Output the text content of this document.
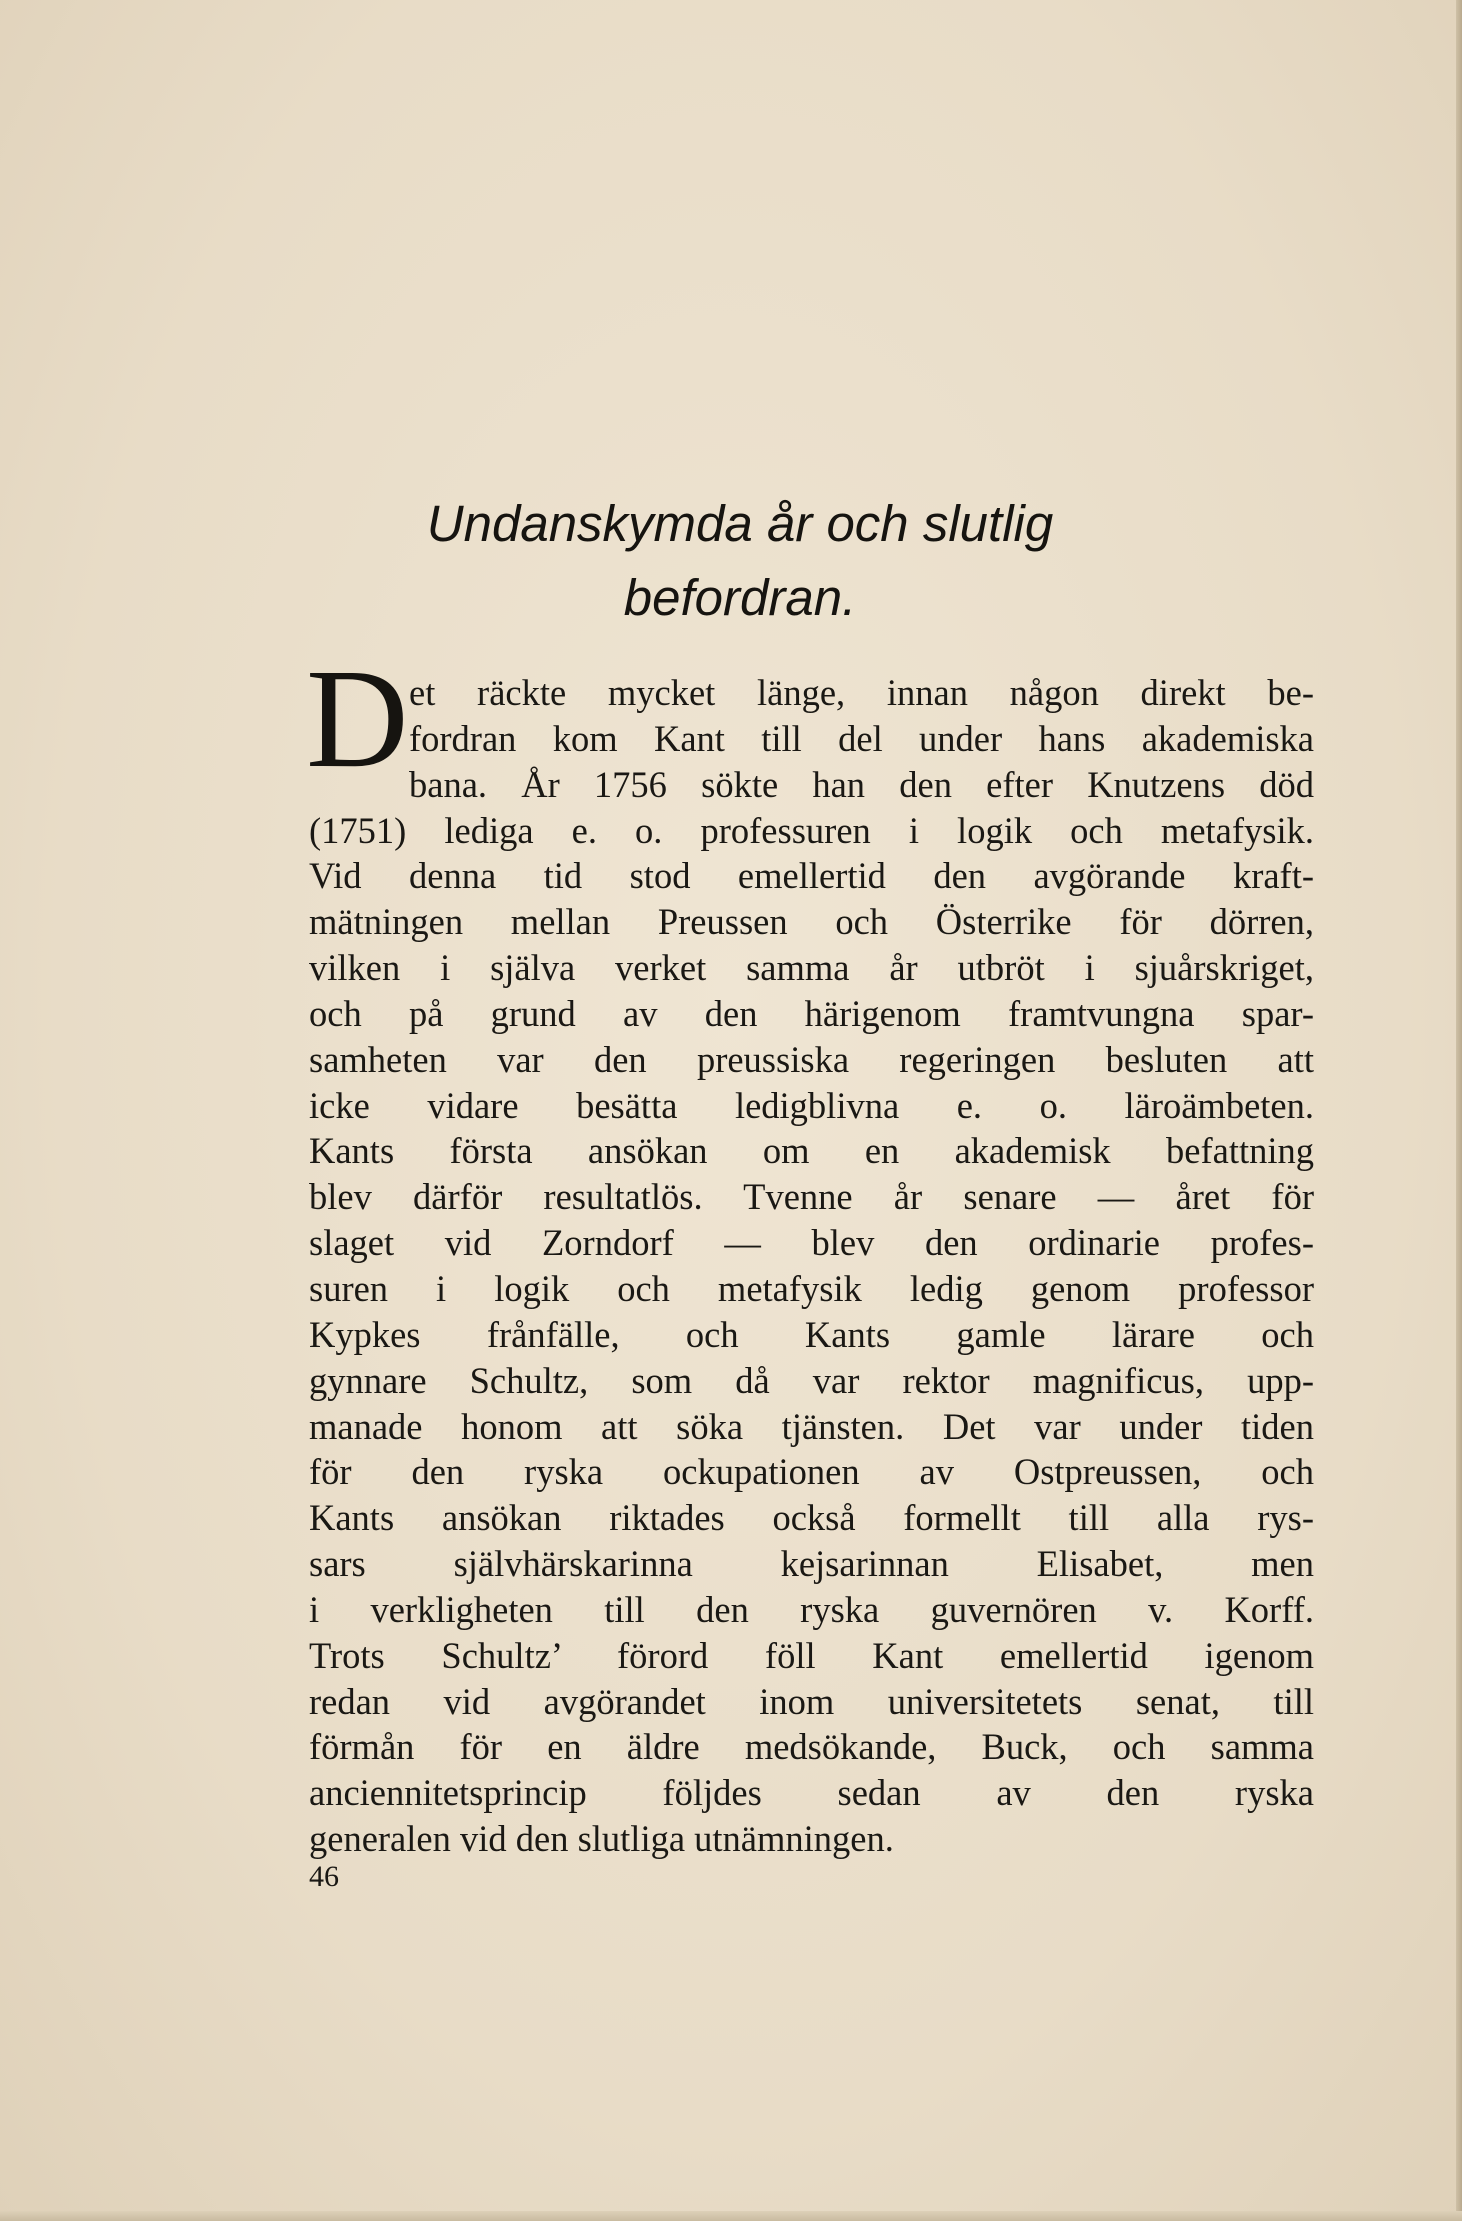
Undanskymda år och slutlig
befordran.
D et räckte mycket länge, innan någon direkt be-
fordran kom Kant till del under hans akademiska
bana. År 1756 sökte han den efter Knutzens död
(1751) lediga e. o. professuren i logik och metafysik.
Vid denna tid stod emellertid den avgörande kraft-
mätningen mellan Preussen och Österrike för dörren,
vilken i själva verket samma år utbröt i sjuårskriget,
och på grund av den härigenom framtvungna spar-
samheten var den preussiska regeringen besluten att
icke vidare besätta ledigblivna e. o. läroämbeten.
Kants första ansökan om en akademisk befattning
blev därför resultatlös. Tvenne år senare — året för
slaget vid Zorndorf — blev den ordinarie profes-
suren i logik och metafysik ledig genom professor
Kypkes frånfälle, och Kants gamle lärare och
gynnare Schultz, som då var rektor magnificus, upp-
manade honom att söka tjänsten. Det var under tiden
för den ryska ockupationen av Ostpreussen, och
Kants ansökan riktades också formellt till alla rys-
sars självhärskarinna kejsarinnan Elisabet, men
i verkligheten till den ryska guvernören v. Korff.
Trots Schultz’ förord föll Kant emellertid igenom
redan vid avgörandet inom universitetets senat, till
förmån för en äldre medsökande, Buck, och samma
anciennitetsprincip följdes sedan av den ryska
generalen vid den slutliga utnämningen.
46
